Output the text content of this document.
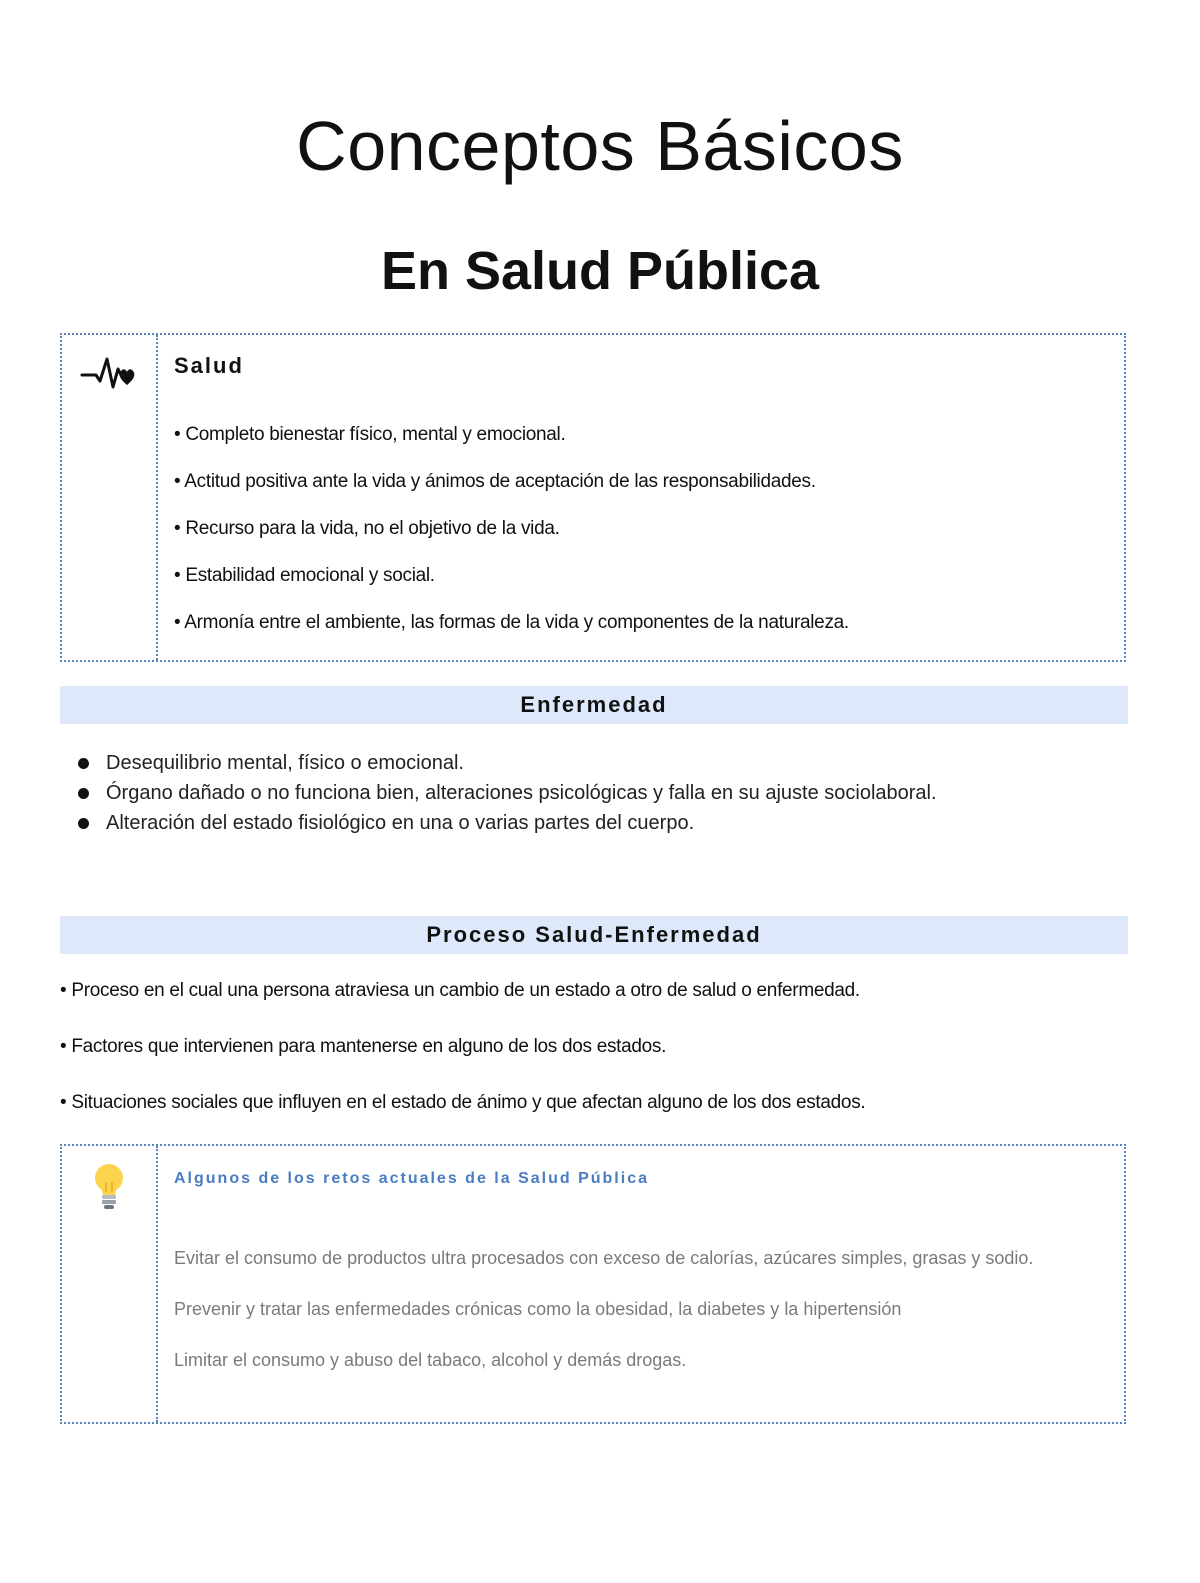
Conceptos Básicos
En Salud Pública
Salud
• Completo bienestar físico, mental y emocional.
• Actitud positiva ante la vida y ánimos de aceptación de las responsabilidades.
• Recurso para la vida, no el objetivo de la vida.
• Estabilidad emocional y social.
• Armonía entre el ambiente, las formas de la vida y componentes de la naturaleza.
Enfermedad
Desequilibrio mental, físico o emocional.
Órgano dañado o no funciona bien, alteraciones psicológicas y falla en su ajuste sociolaboral.
Alteración del estado fisiológico en una o varias partes del cuerpo.
Proceso Salud-Enfermedad
• Proceso en el cual una persona atraviesa un cambio de un estado a otro de salud o enfermedad.
• Factores que intervienen para mantenerse en alguno de los dos estados.
• Situaciones sociales que influyen en el estado de ánimo y que afectan alguno de los dos estados.
Algunos de los retos actuales de la Salud Pública
Evitar el consumo de productos ultra procesados con exceso de calorías, azúcares simples, grasas y sodio.
Prevenir y tratar las enfermedades crónicas como la obesidad, la diabetes y la hipertensión
Limitar el consumo y abuso del tabaco, alcohol y demás drogas.
